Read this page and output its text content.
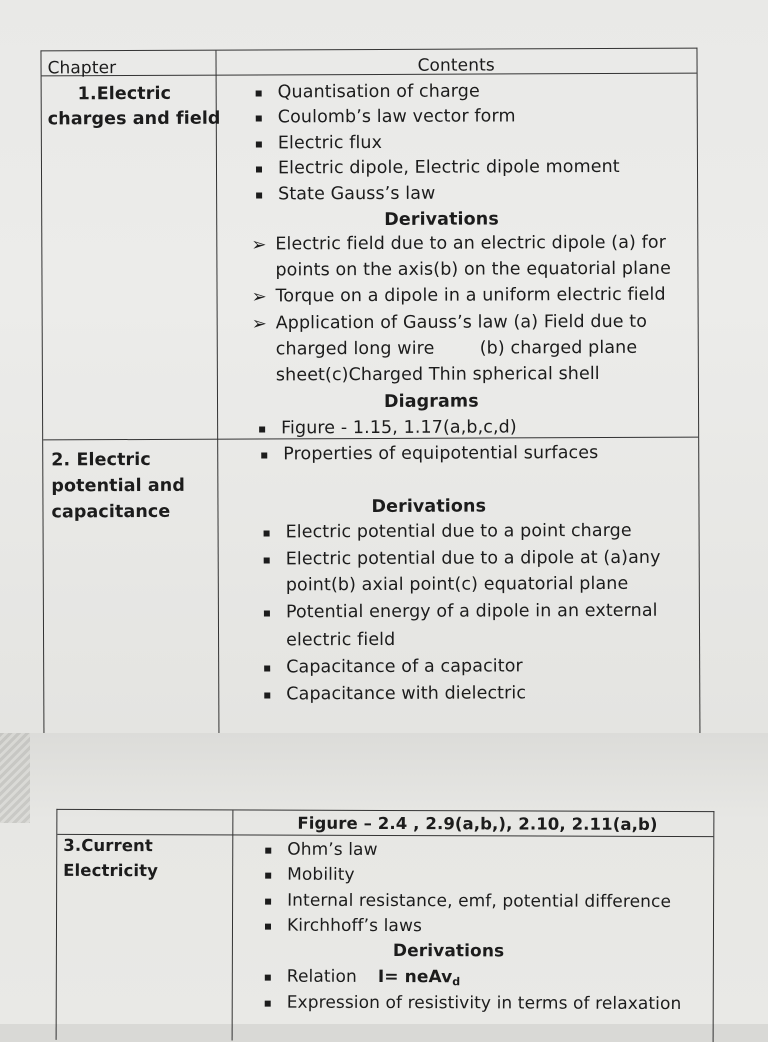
Chapter	Contents
1.Electric
charges and field
Quantisation of charge
Coulomb’s law vector form
Electric flux
Electric dipole, Electric dipole moment
State Gauss’s law
Derivations
➢ Electric field due to an electric dipole (a) for
points on the axis(b) on the equatorial plane
➢ Torque on a dipole in a uniform electric field
➢ Application of Gauss’s law (a) Field due to
charged long wire        (b) charged plane
sheet(c)Charged Thin spherical shell
Diagrams
Figure - 1.15, 1.17(a,b,c,d)
2. Electric
potential and
capacitance
Properties of equipotential surfaces
Derivations
Electric potential due to a point charge
Electric potential due to a dipole at (a)any
point(b) axial point(c) equatorial plane
Potential energy of a dipole in an external
electric field
Capacitance of a capacitor
Capacitance with dielectric
Figure – 2.4 , 2.9(a,b,), 2.10, 2.11(a,b)
3.Current
Electricity
Ohm’s law
Mobility
Internal resistance, emf, potential difference
Kirchhoff’s laws
Derivations
Relation I= neAv$_d$
Expression of resistivity in terms of relaxation
